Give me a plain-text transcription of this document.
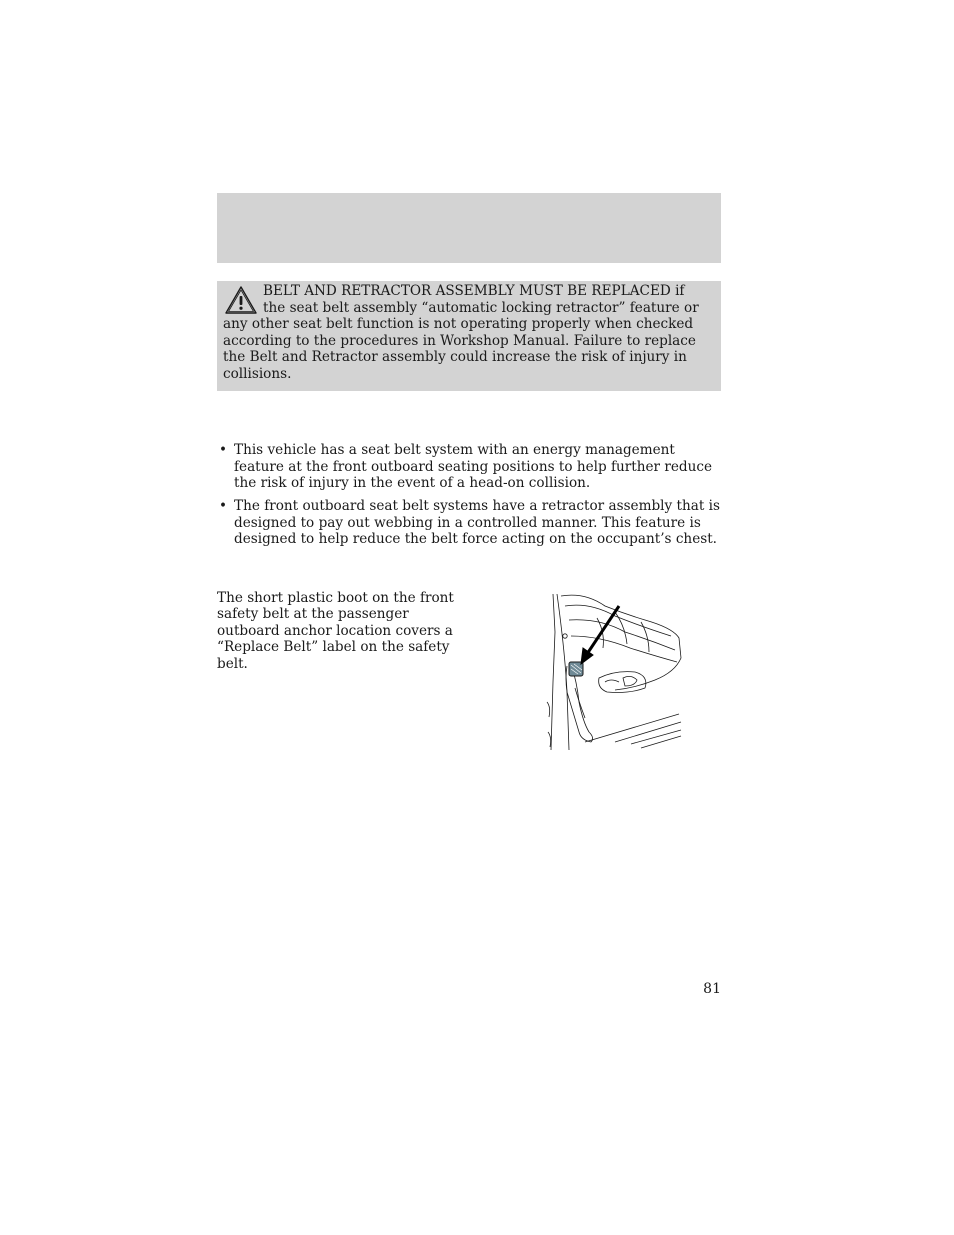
BELT AND RETRACTOR ASSEMBLY MUST BE REPLACED if the seat belt assembly “automatic locking retractor” feature or any other seat belt function is not operating properly when checked according to the procedures in Workshop Manual. Failure to replace the Belt and Retractor assembly could increase the risk of injury in collisions.

• This vehicle has a seat belt system with an energy management feature at the front outboard seating positions to help further reduce the risk of injury in the event of a head-on collision.
• The front outboard seat belt systems have a retractor assembly that is designed to pay out webbing in a controlled manner. This feature is designed to help reduce the belt force acting on the occupant’s chest.

The short plastic boot on the front safety belt at the passenger outboard anchor location covers a “Replace Belt” label on the safety belt.

81
